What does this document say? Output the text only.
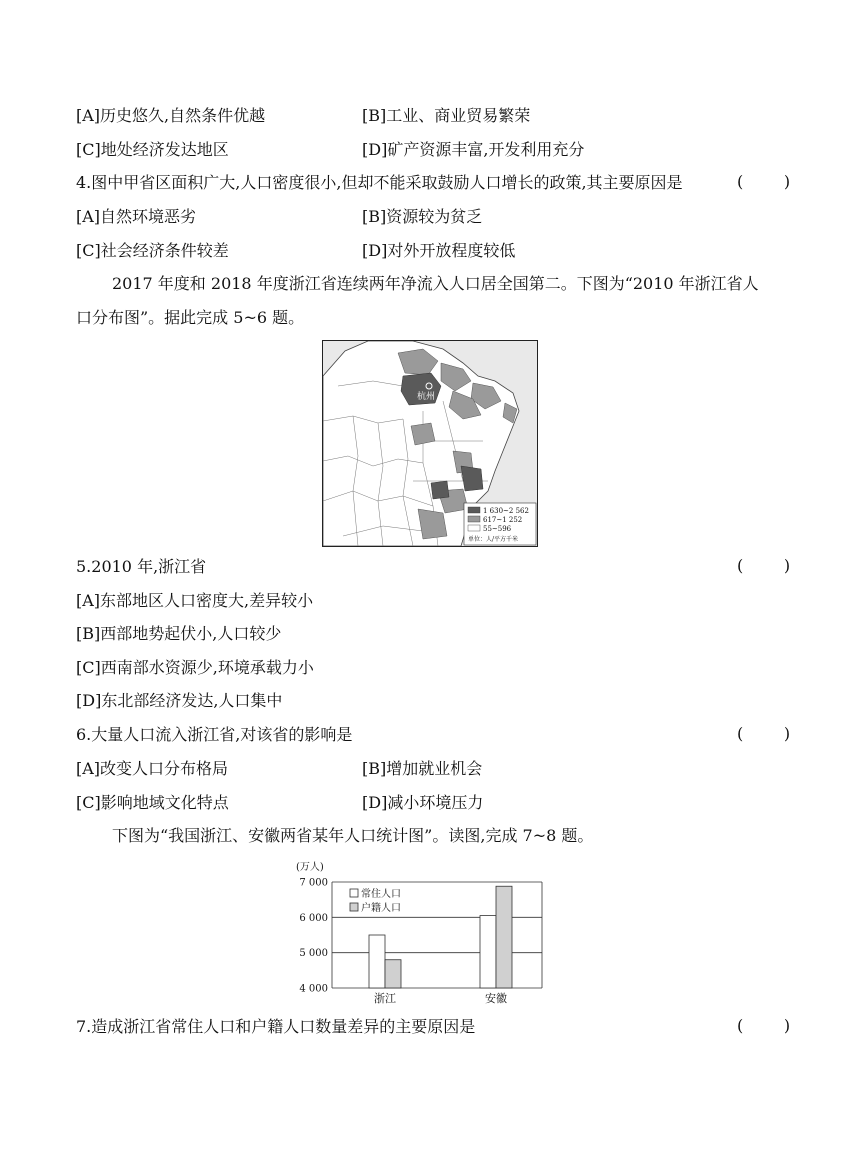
[A]历史悠久,自然条件优越	[B]工业、商业贸易繁荣
[C]地处经济发达地区	[D]矿产资源丰富,开发利用充分
4.图中甲省区面积广大,人口密度很小,但却不能采取鼓励人口增长的政策,其主要原因是	(        )
[A]自然环境恶劣	[B]资源较为贫乏
[C]社会经济条件较差	[D]对外开放程度较低
2017 年度和 2018 年度浙江省连续两年净流入人口居全国第二。下图为“2010 年浙江省人
口分布图”。据此完成 5~6 题。
杭州
1 630~2 562
617~1 252
55~596
单位：人/平方千米
5.2010 年,浙江省	(        )
[A]东部地区人口密度大,差异较小
[B]西部地势起伏小,人口较少
[C]西南部水资源少,环境承载力小
[D]东北部经济发达,人口集中
6.大量人口流入浙江省,对该省的影响是	(        )
[A]改变人口分布格局	[B]增加就业机会
[C]影响地域文化特点	[D]减小环境压力
下图为“我国浙江、安徽两省某年人口统计图”。读图,完成 7~8 题。
(万人)
4 000
5 000
6 000
7 000
浙江	安徽
常住人口
户籍人口
7.造成浙江省常住人口和户籍人口数量差异的主要原因是	(        )
